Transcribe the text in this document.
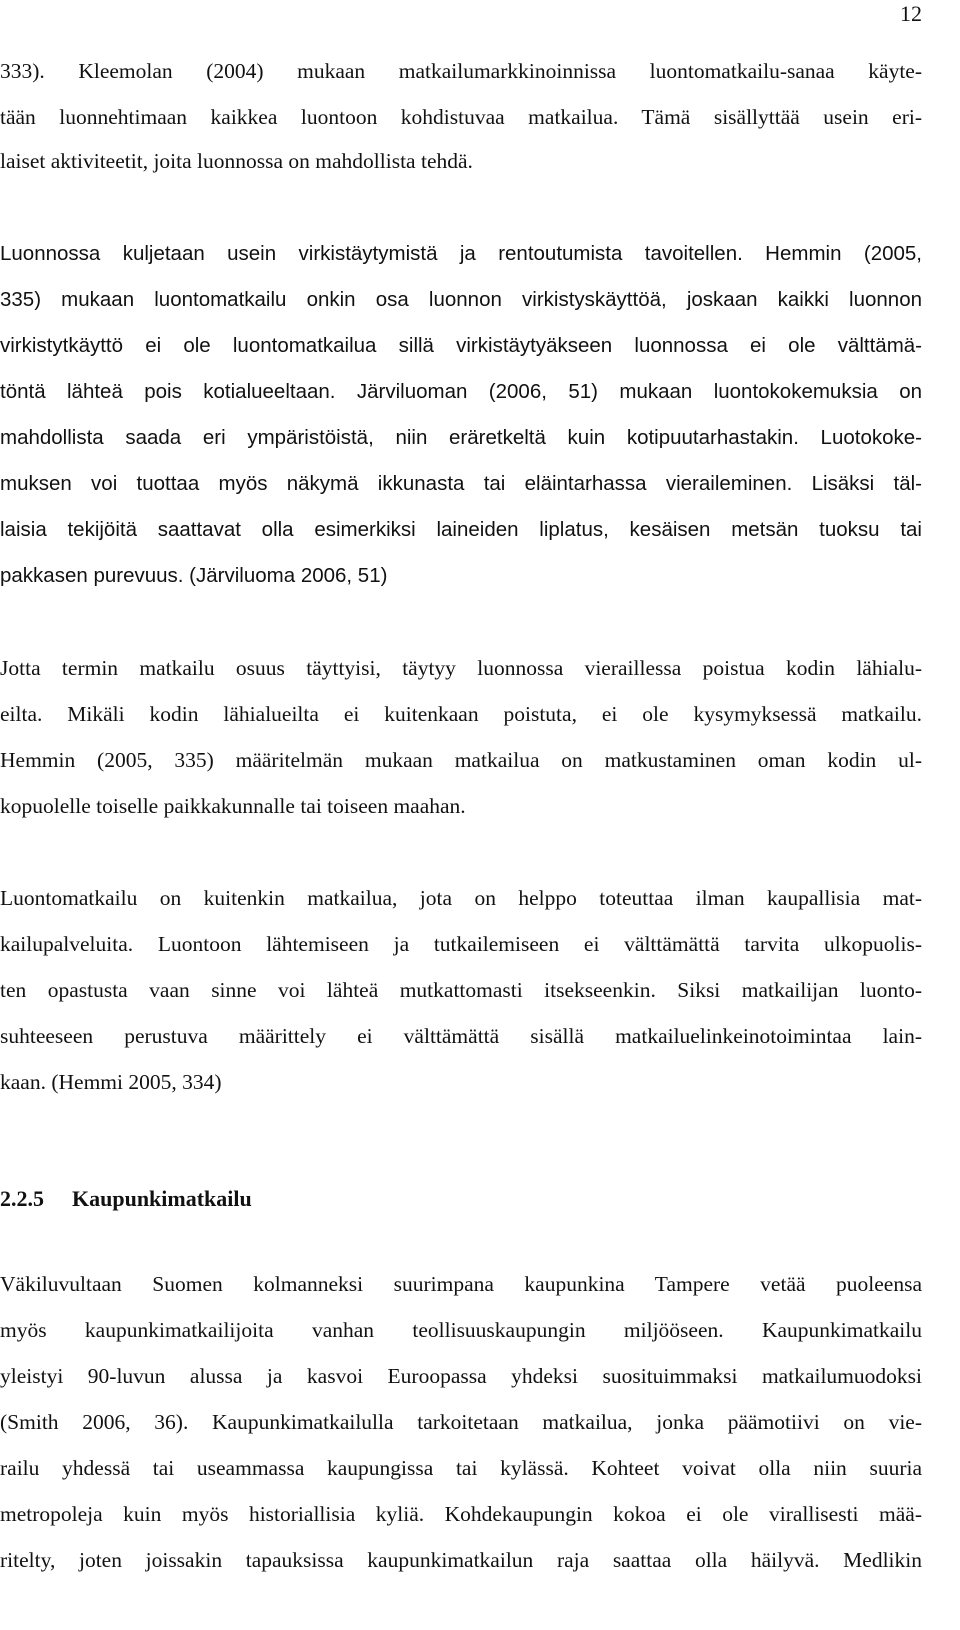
12
333). Kleemolan (2004) mukaan matkailumarkkinoinnissa luontomatkailu-sanaa käyte-
tään luonnehtimaan kaikkea luontoon kohdistuvaa matkailua. Tämä sisällyttää usein eri-
laiset aktiviteetit, joita luonnossa on mahdollista tehdä.
Luonnossa kuljetaan usein virkistäytymistä ja rentoutumista tavoitellen. Hemmin (2005,
335) mukaan luontomatkailu onkin osa luonnon virkistyskäyttöä, joskaan kaikki luonnon
virkistytkäyttö ei ole luontomatkailua sillä virkistäytyäkseen luonnossa ei ole välttämä-
töntä lähteä pois kotialueeltaan. Järviluoman (2006, 51) mukaan luontokokemuksia on
mahdollista saada eri ympäristöistä, niin eräretkeltä kuin kotipuutarhastakin. Luotokoke-
muksen voi tuottaa myös näkymä ikkunasta tai eläintarhassa vieraileminen. Lisäksi täl-
laisia tekijöitä saattavat olla esimerkiksi laineiden liplatus, kesäisen metsän tuoksu tai
pakkasen purevuus. (Järviluoma 2006, 51)
Jotta termin matkailu osuus täyttyisi, täytyy luonnossa vieraillessa poistua kodin lähialu-
eilta. Mikäli kodin lähialueilta ei kuitenkaan poistuta, ei ole kysymyksessä matkailu.
Hemmin (2005, 335) määritelmän mukaan matkailua on matkustaminen oman kodin ul-
kopuolelle toiselle paikkakunnalle tai toiseen maahan.
Luontomatkailu on kuitenkin matkailua, jota on helppo toteuttaa ilman kaupallisia mat-
kailupalveluita. Luontoon lähtemiseen ja tutkailemiseen ei välttämättä tarvita ulkopuolis-
ten opastusta vaan sinne voi lähteä mutkattomasti itsekseenkin. Siksi matkailijan luonto-
suhteeseen perustuva määrittely ei välttämättä sisällä matkailuelinkeinotoimintaa lain-
kaan. (Hemmi 2005, 334)
2.2.5 Kaupunkimatkailu
Väkiluvultaan Suomen kolmanneksi suurimpana kaupunkina Tampere vetää puoleensa
myös kaupunkimatkailijoita vanhan teollisuuskaupungin miljööseen. Kaupunkimatkailu
yleistyi 90-luvun alussa ja kasvoi Euroopassa yhdeksi suosituimmaksi matkailumuodoksi
(Smith 2006, 36). Kaupunkimatkailulla tarkoitetaan matkailua, jonka päämotiivi on vie-
railu yhdessä tai useammassa kaupungissa tai kylässä. Kohteet voivat olla niin suuria
metropoleja kuin myös historiallisia kyliä. Kohdekaupungin kokoa ei ole virallisesti mää-
ritelty, joten joissakin tapauksissa kaupunkimatkailun raja saattaa olla häilyvä. Medlikin
